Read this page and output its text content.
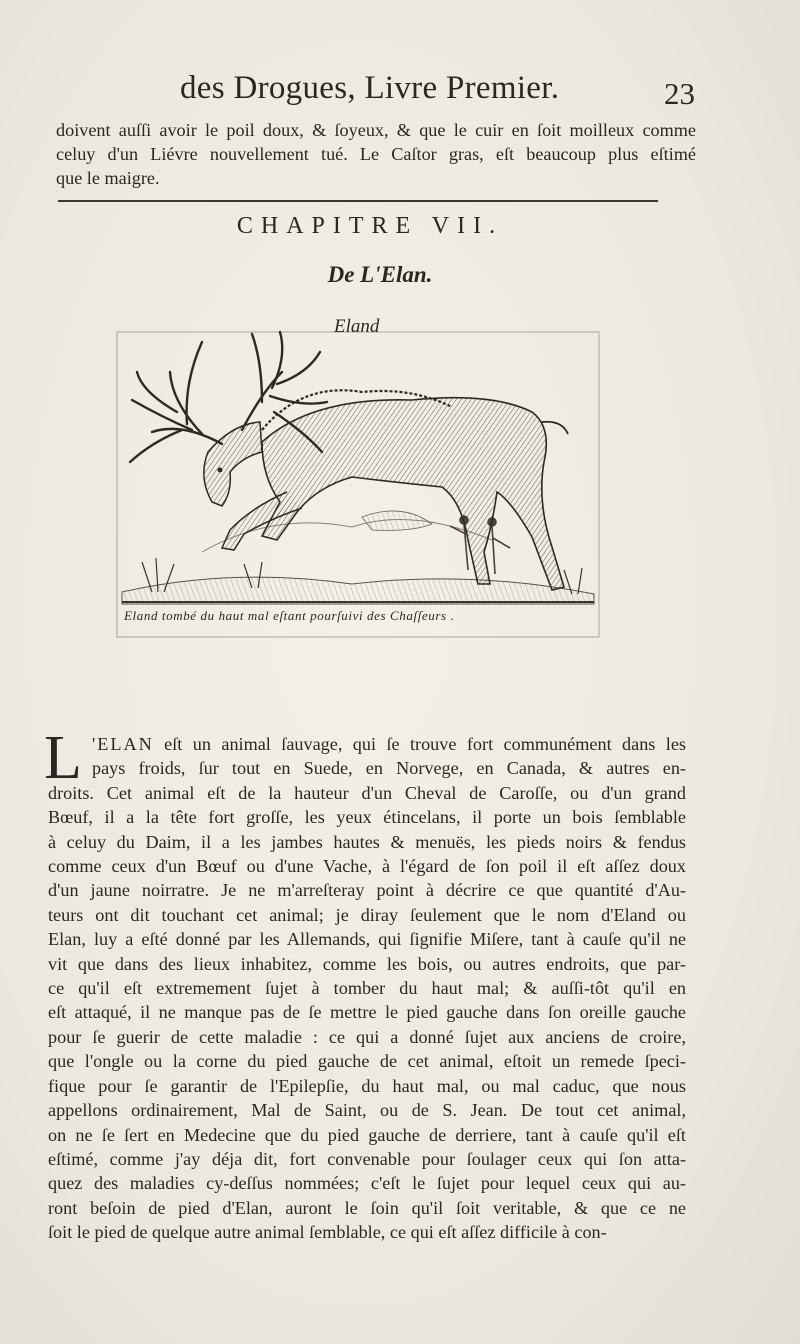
des Drogues, Livre Premier.	23
doivent auſſi avoir le poil doux, & ſoyeux, & que le cuir en ſoit moilleux comme
celuy d'un Liévre nouvellement tué. Le Caſtor gras, eſt beaucoup plus eſtimé
que le maigre.
CHAPITRE VII.
De L'Elan.
Eland
Eland tombé du haut mal eſtant pourſuivi des Chaſſeurs .
L 'ELAN eſt un animal ſauvage, qui ſe trouve fort communément dans les
pays froids, ſur tout en Suede, en Norvege, en Canada, & autres en-
droits. Cet animal eſt de la hauteur d'un Cheval de Caroſſe, ou d'un grand
Bœuf, il a la tête fort groſſe, les yeux étincelans, il porte un bois ſemblable
à celuy du Daim, il a les jambes hautes & menuës, les pieds noirs & fendus
comme ceux d'un Bœuf ou d'une Vache, à l'égard de ſon poil il eſt aſſez doux
d'un jaune noirratre. Je ne m'arreſteray point à décrire ce que quantité d'Au-
teurs ont dit touchant cet animal; je diray ſeulement que le nom d'Eland ou
Elan, luy a eſté donné par les Allemands, qui ſignifie Miſere, tant à cauſe qu'il ne
vit que dans des lieux inhabitez, comme les bois, ou autres endroits, que par-
ce qu'il eſt extremement ſujet à tomber du haut mal; & auſſi-tôt qu'il en
eſt attaqué, il ne manque pas de ſe mettre le pied gauche dans ſon oreille gauche
pour ſe guerir de cette maladie : ce qui a donné ſujet aux anciens de croire,
que l'ongle ou la corne du pied gauche de cet animal, eſtoit un remede ſpeci-
fique pour ſe garantir de l'Epilepſie, du haut mal, ou mal caduc, que nous
appellons ordinairement, Mal de Saint, ou de S. Jean. De tout cet animal,
on ne ſe ſert en Medecine que du pied gauche de derriere, tant à cauſe qu'il eſt
eſtimé, comme j'ay déja dit, fort convenable pour ſoulager ceux qui ſon atta-
quez des maladies cy-deſſus nommées; c'eſt le ſujet pour lequel ceux qui au-
ront beſoin de pied d'Elan, auront le ſoin qu'il ſoit veritable, & que ce ne
ſoit le pied de quelque autre animal ſemblable, ce qui eſt aſſez difficile à con-
